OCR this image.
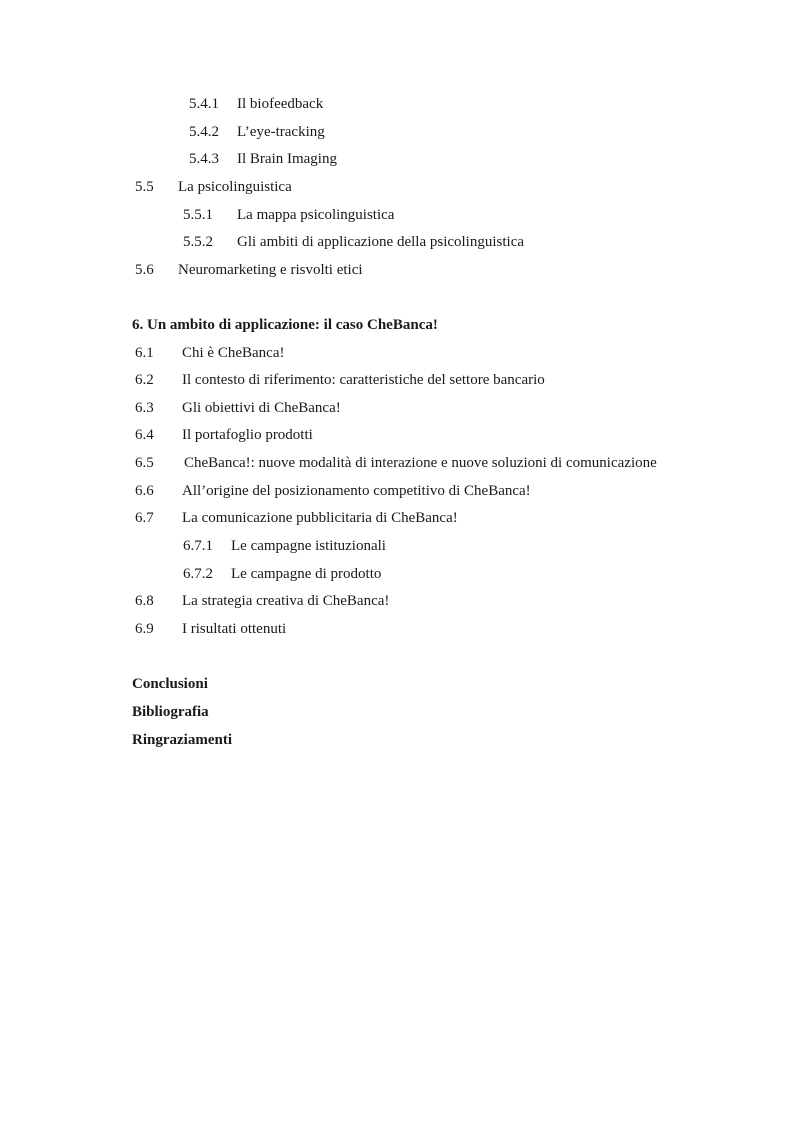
5.4.1 Il biofeedback
5.4.2 L’eye-tracking
5.4.3 Il Brain Imaging
5.5 La psicolinguistica
5.5.1 La mappa psicolinguistica
5.5.2 Gli ambiti di applicazione della psicolinguistica
5.6 Neuromarketing e risvolti etici
6. Un ambito di applicazione: il caso CheBanca!
6.1 Chi è CheBanca!
6.2 Il contesto di riferimento: caratteristiche del settore bancario
6.3 Gli obiettivi di CheBanca!
6.4 Il portafoglio prodotti
6.5 CheBanca!: nuove modalità di interazione e nuove soluzioni di comunicazione
6.6 All’origine del posizionamento competitivo di CheBanca!
6.7 La comunicazione pubblicitaria di CheBanca!
6.7.1 Le campagne istituzionali
6.7.2 Le campagne di prodotto
6.8 La strategia creativa di CheBanca!
6.9 I risultati ottenuti
Conclusioni
Bibliografia
Ringraziamenti
